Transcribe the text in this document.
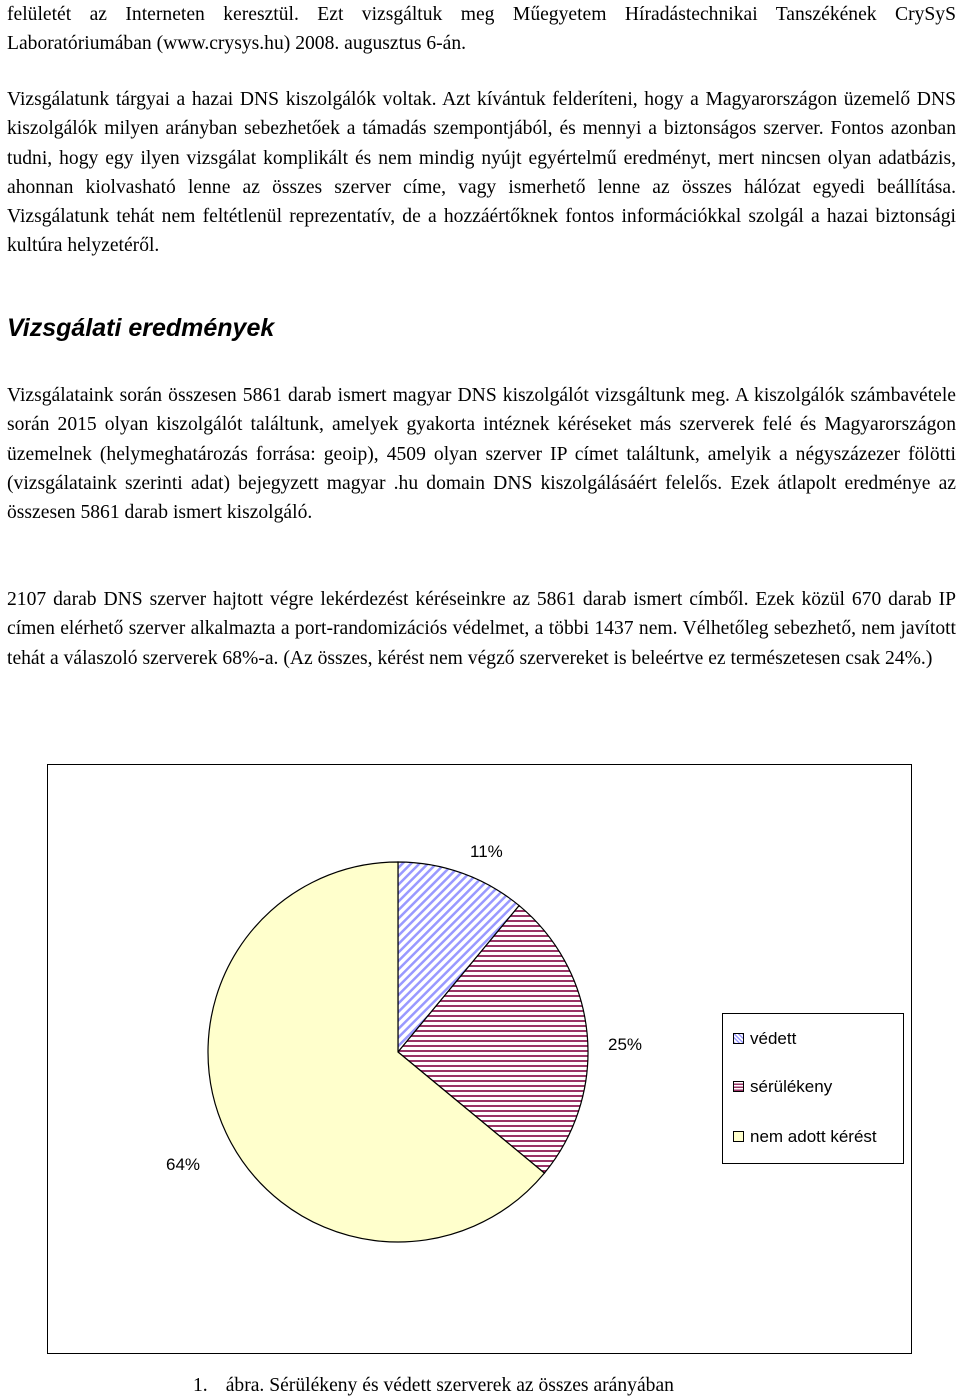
felületét az Interneten keresztül. Ezt vizsgáltuk meg Műegyetem Híradástechnikai Tanszékének CrySyS Laboratóriumában (www.crysys.hu) 2008. augusztus 6-án.

Vizsgálatunk tárgyai a hazai DNS kiszolgálók voltak. Azt kívántuk felderíteni, hogy a Magyarországon üzemelő DNS kiszolgálók milyen arányban sebezhetőek a támadás szempontjából, és mennyi a biztonságos szerver. Fontos azonban tudni, hogy egy ilyen vizsgálat komplikált és nem mindig nyújt egyértelmű eredményt, mert nincsen olyan adatbázis, ahonnan kiolvasható lenne az összes szerver címe, vagy ismerhető lenne az összes hálózat egyedi beállítása. Vizsgálatunk tehát nem feltétlenül reprezentatív, de a hozzáértőknek fontos információkkal szolgál a hazai biztonsági kultúra helyzetéről.

Vizsgálati eredmények

Vizsgálataink során összesen 5861 darab ismert magyar DNS kiszolgálót vizsgáltunk meg. A kiszolgálók számbavétele során 2015 olyan kiszolgálót találtunk, amelyek gyakorta intéznek kéréseket más szerverek felé és Magyarországon üzemelnek (helymeghatározás forrása: geoip), 4509 olyan szerver IP címet találtunk, amelyik a négyszázezer fölötti (vizsgálataink szerinti adat) bejegyzett magyar .hu domain DNS kiszolgálásáért felelős. Ezek átlapolt eredménye az összesen 5861 darab ismert kiszolgáló.

2107 darab DNS szerver hajtott végre lekérdezést kéréseinkre az 5861 darab ismert címből. Ezek közül 670 darab IP címen elérhető szerver alkalmazta a port-randomizációs védelmet, a többi 1437 nem. Vélhetőleg sebezhető, nem javított tehát a válaszoló szerverek 68%-a. (Az összes, kérést nem végző szervereket is beleértve ez természetesen csak 24%.)

11%
25%
64%
védett
sérülékeny
nem adott kérést

1. ábra. Sérülékeny és védett szerverek az összes arányában
